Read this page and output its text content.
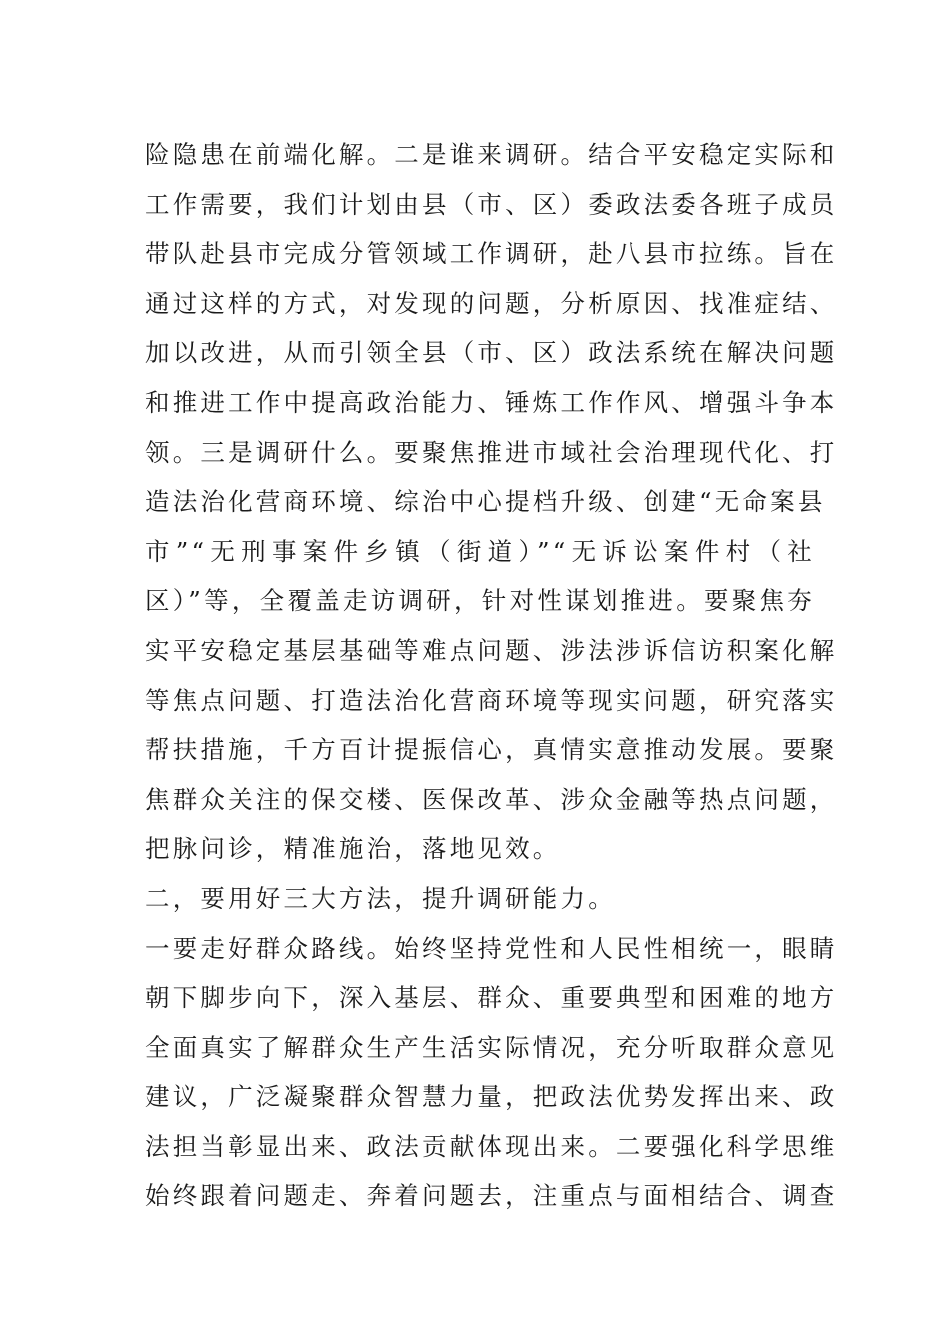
险隐患在前端化解。二是谁来调研。结合平安稳定实际和
工作需要，我们计划由县（市、区）委政法委各班子成员
带队赴县市完成分管领域工作调研，赴八县市拉练。旨在
通过这样的方式，对发现的问题，分析原因、找准症结、
加以改进，从而引领全县（市、区）政法系统在解决问题
和推进工作中提高政治能力、锤炼工作作风、增强斗争本
领。三是调研什么。要聚焦推进市域社会治理现代化、打
造法治化营商环境、综治中心提档升级、创建“无命案县
市”“无刑事案件乡镇（街道）”“无诉讼案件村（社
区）”等，全覆盖走访调研，针对性谋划推进。要聚焦夯
实平安稳定基层基础等难点问题、涉法涉诉信访积案化解
等焦点问题、打造法治化营商环境等现实问题，研究落实
帮扶措施，千方百计提振信心，真情实意推动发展。要聚
焦群众关注的保交楼、医保改革、涉众金融等热点问题，
把脉问诊，精准施治，落地见效。
二，要用好三大方法，提升调研能力。
一要走好群众路线。始终坚持党性和人民性相统一，眼睛
朝下脚步向下，深入基层、群众、重要典型和困难的地方
全面真实了解群众生产生活实际情况，充分听取群众意见
建议，广泛凝聚群众智慧力量，把政法优势发挥出来、政
法担当彰显出来、政法贡献体现出来。二要强化科学思维
始终跟着问题走、奔着问题去，注重点与面相结合、调查
